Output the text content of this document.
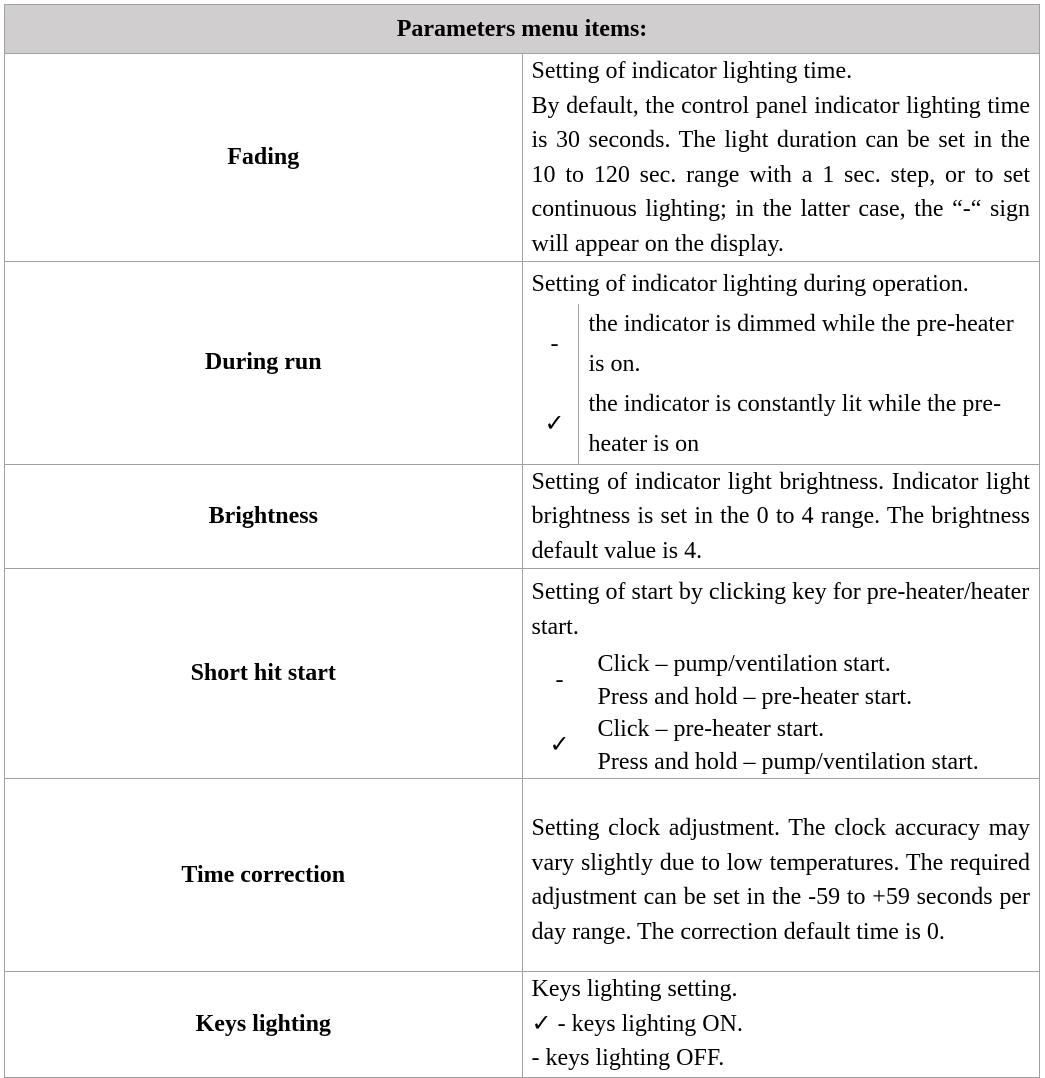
Parameters menu items:
Fading	
Setting of indicator lighting time.
By default, the control panel indicator lighting time is 30 seconds. The light duration can be set in the 10 to 120 sec. range with a 1 sec. step, or to set continuous lighting; in the latter case, the “-“ sign will appear on the display.

During run	
Setting of indicator lighting during operation.
-	the indicator is dimmed while the pre-heater is on.
✓	the indicator is constantly lit while the pre-heater is on

Brightness	
Setting of indicator light brightness. Indicator light brightness is set in the 0 to 4 range. The brightness default value is 4.

Short hit start	
Setting of start by clicking key for pre-heater/heater start.
-	
Click – pump/ventilation start.
Press and hold – pre-heater start.

✓	
Click – pre-heater start.
Press and hold – pump/ventilation start.

Time correction	
Setting clock adjustment. The clock accuracy may vary slightly due to low temperatures. The required adjustment can be set in the -59 to +59 seconds per day range. The correction default time is 0.

Keys lighting	
Keys lighting setting.
✓ - keys lighting ON.
- keys lighting OFF.
